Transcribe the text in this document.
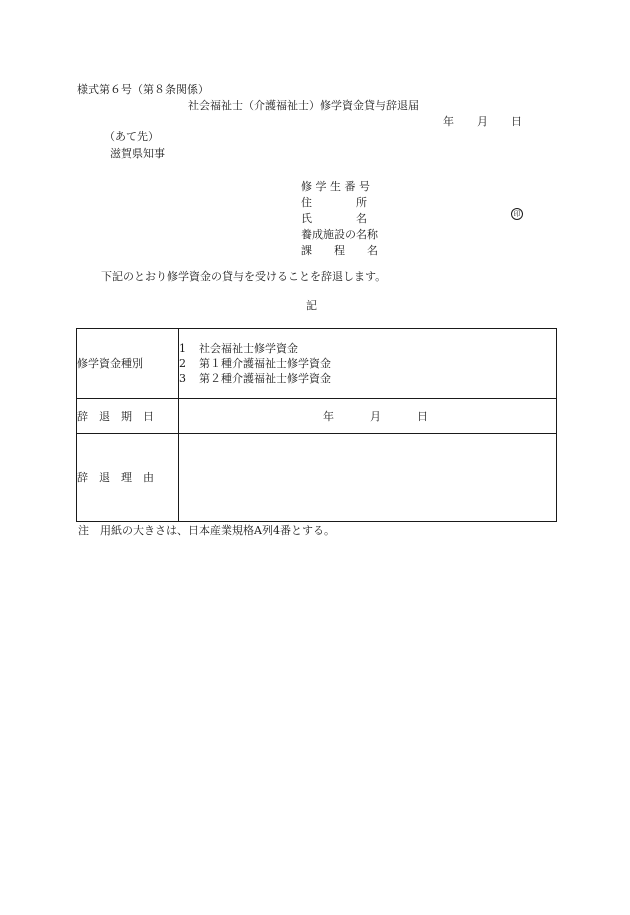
様式第６号（第８条関係）
社会福祉士（介護福祉士）修学資金貸与辞退届
年 月 日
（あて先）
滋賀県知事
修 学 生 番 号
住　　　　所
氏　　　　名
養成施設の名称
課　　程　　名
印
下記のとおり修学資金の貸与を受けることを辞退します。
記
修学資金種別	1 社会福祉士修学資金
2 第１種介護福祉士修学資金
3 第２種介護福祉士修学資金

辞　退　期　日	年 月 日
辞　退　理　由	
注　用紙の大きさは、日本産業規格A列4番とする。
